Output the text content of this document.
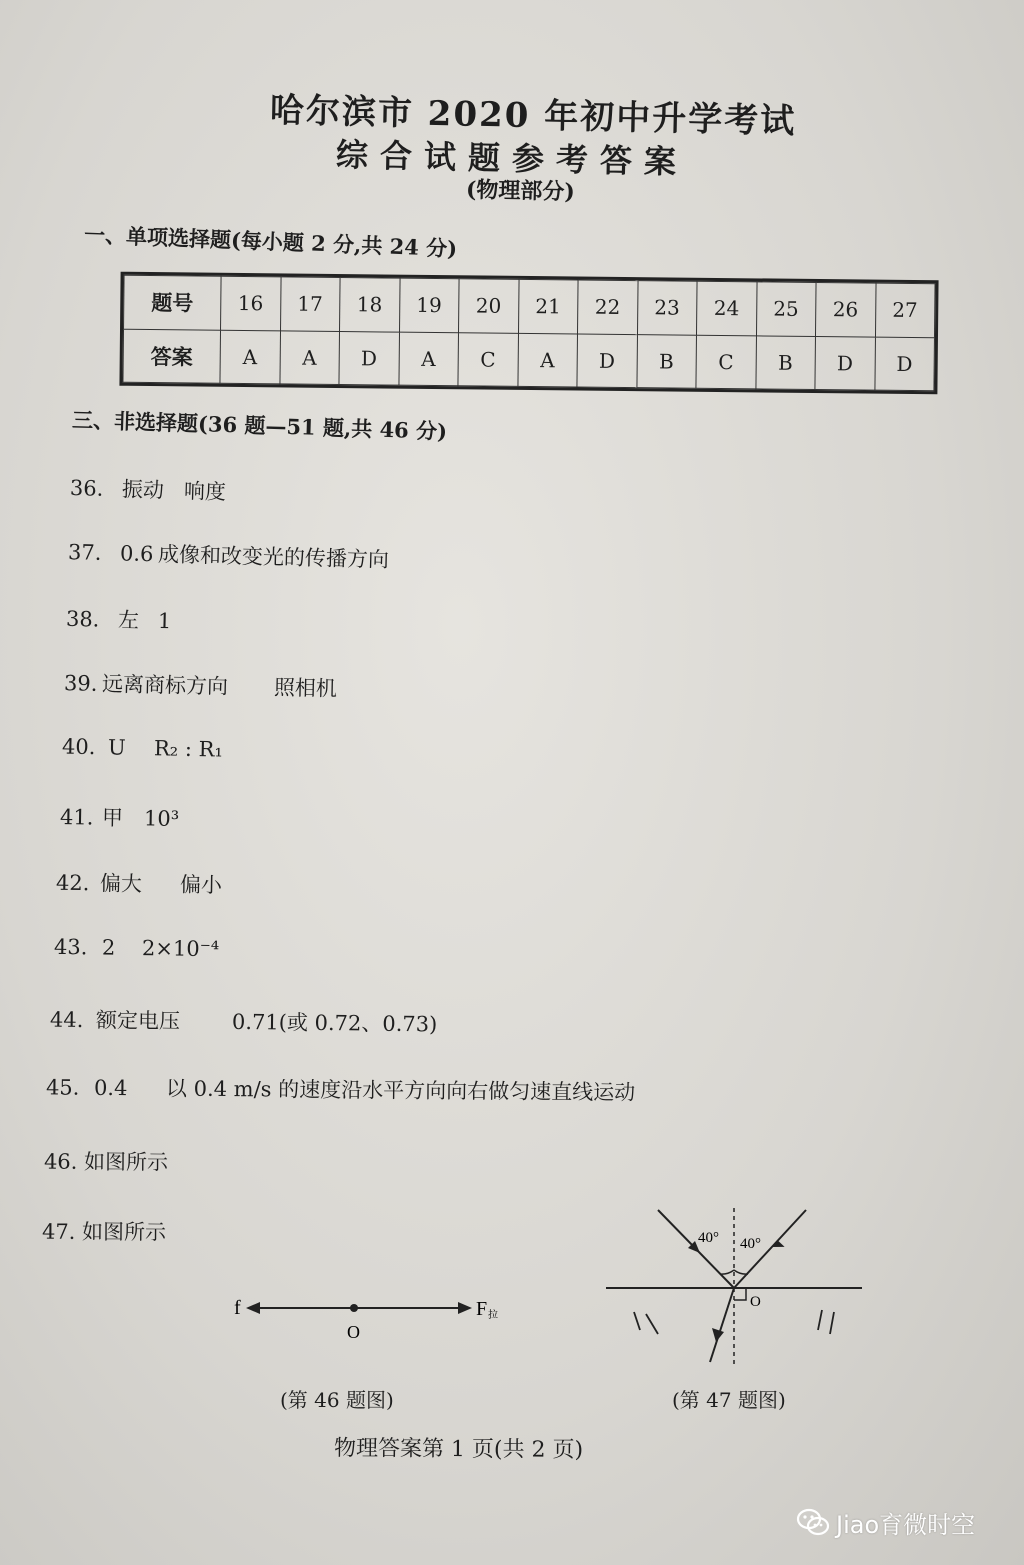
哈尔滨市 2020 年初中升学考试
综合试题参考答案
(物理部分)
一、单项选择题(每小题 2 分,共 24 分)
题号	16	17	18	19	20	21	22	23	24	25	26	27
答案	A	A	D	A	C	A	D	B	C	B	D	D
三、非选择题(36 题—51 题,共 46 分)
36. 振动 响度
37. 0.6 成像和改变光的传播方向
38. 左 1
39. 远离商标方向 照相机
40. U R₂ : R₁
41. 甲 10³
42. 偏大 偏小
43. 2 2×10⁻⁴
44. 额定电压 0.71(或 0.72、0.73)
45. 0.4 以 0.4 m/s 的速度沿水平方向向右做匀速直线运动
46. 如图所示
47. 如图所示
f	F 拉
O
(第 46 题图)
40° 40°
O
(第 47 题图)
物理答案第 1 页(共 2 页)
Jiao育微时空
